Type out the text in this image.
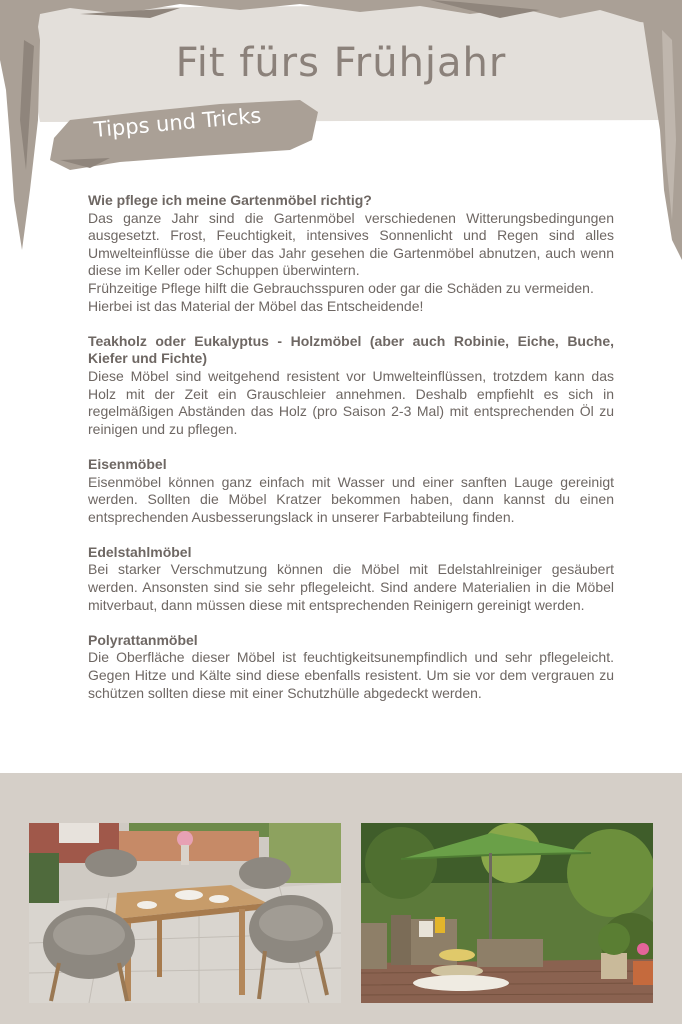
Fit fürs Frühjahr
Tipps und Tricks
Wie pflege ich meine Gartenmöbel richtig?
Das ganze Jahr sind die Gartenmöbel verschiedenen Witterungsbedingungen ausgesetzt. Frost, Feuchtigkeit, intensives Sonnenlicht und Regen sind alles Umwelteinflüsse die über das Jahr gesehen die Gartenmöbel abnutzen, auch wenn diese im Keller oder Schuppen überwintern.
Frühzeitige Pflege hilft die Gebrauchsspuren oder gar die Schäden zu vermeiden.
Hierbei ist das Material der Möbel das Entscheidende!
Teakholz oder Eukalyptus - Holzmöbel (aber auch Robinie, Eiche, Buche, Kiefer und Fichte)
Diese Möbel sind weitgehend resistent vor Umwelteinflüssen, trotzdem kann das Holz mit der Zeit ein Grauschleier annehmen. Deshalb empfiehlt es sich in regelmäßigen Abständen das Holz (pro Saison 2-3 Mal) mit entsprechenden Öl zu reinigen und zu pflegen.
Eisenmöbel
Eisenmöbel können ganz einfach mit Wasser und einer sanften Lauge gereinigt werden. Sollten die Möbel Kratzer bekommen haben, dann kannst du einen entsprechenden Ausbesserungslack in unserer Farbabteilung finden.
Edelstahlmöbel
Bei starker Verschmutzung können die Möbel mit Edelstahlreiniger gesäubert werden. Ansonsten sind sie sehr pflegeleicht. Sind andere Materialien in die Möbel mitverbaut, dann müssen diese mit entsprechenden Reinigern gereinigt werden.
Polyrattanmöbel
Die Oberfläche dieser Möbel ist feuchtigkeitsunempfindlich und sehr pflegeleicht. Gegen Hitze und Kälte sind diese ebenfalls resistent. Um sie vor dem vergrauen zu schützen sollten diese mit einer Schutzhülle abgedeckt werden.
